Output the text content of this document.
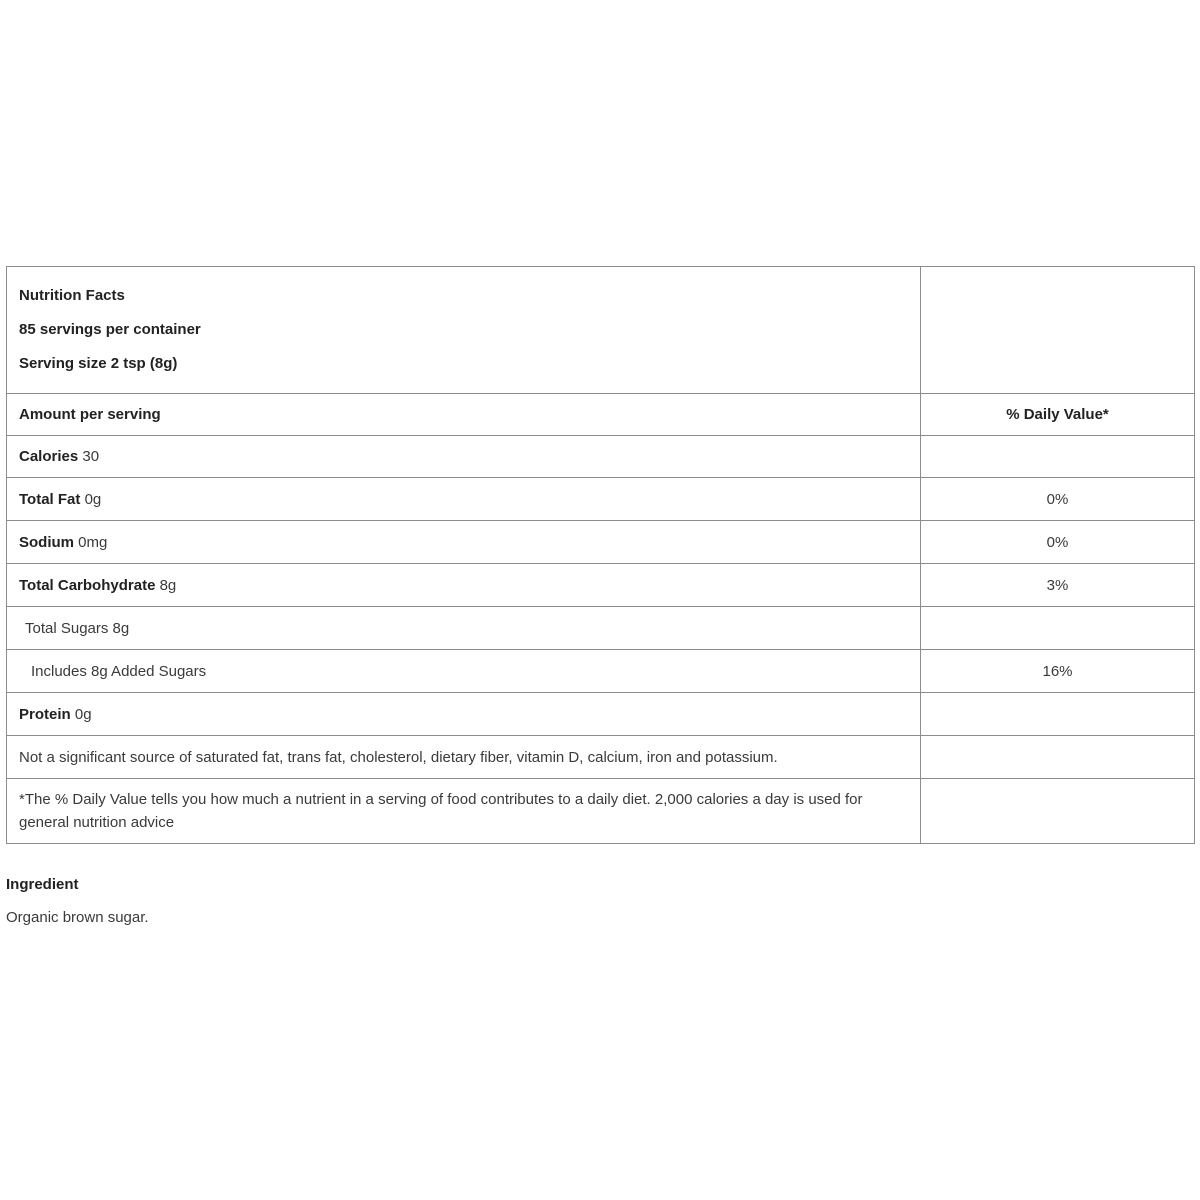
Nutrition Facts
85 servings per container
Serving size 2 tsp (8g)	

Amount per serving	% Daily Value*
Calories 30	
Total Fat 0g	0%
Sodium 0mg	0%
Total Carbohydrate 8g	3%
Total Sugars 8g	
Includes 8g Added Sugars	16%
Protein 0g	
Not a significant source of saturated fat, trans fat, cholesterol, dietary fiber, vitamin D, calcium, iron and potassium.	
*The % Daily Value tells you how much a nutrient in a serving of food contributes to a daily diet. 2,000 calories a day is used for general nutrition advice	
Ingredient
Organic brown sugar.
